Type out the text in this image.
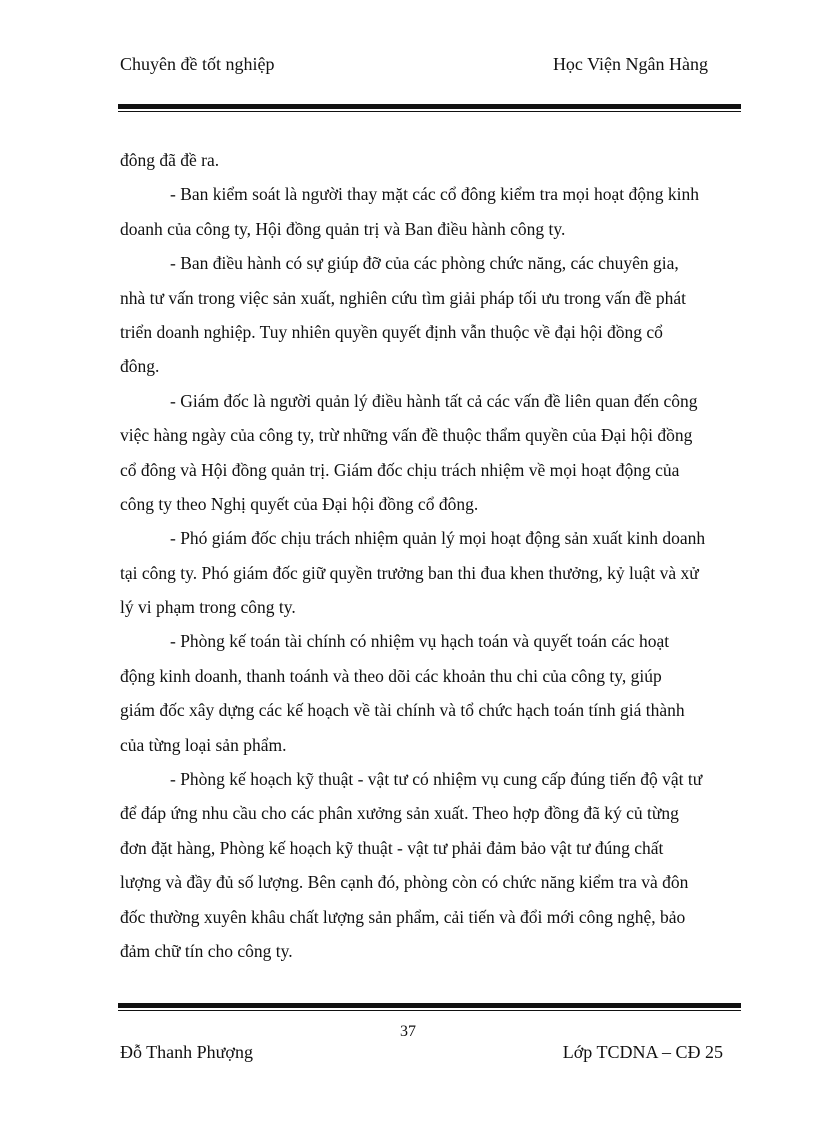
Chuyên đề tốt nghiệp	Học Viện Ngân Hàng
đông đã đề ra.
- Ban kiểm soát là người thay mặt các cổ đông kiểm tra mọi hoạt động kinh
doanh của công ty, Hội đồng quản trị và Ban điều hành công ty.
- Ban điều hành có sự giúp đỡ của các phòng chức năng, các chuyên gia,
nhà tư vấn trong việc sản xuất, nghiên cứu tìm giải pháp tối ưu trong vấn đề phát
triển doanh nghiệp. Tuy nhiên quyền quyết định vẫn thuộc về đại hội đồng cổ
đông.
- Giám đốc là người quản lý điều hành tất cả các vấn đề liên quan đến công
việc hàng ngày của công ty, trừ những vấn đề thuộc thẩm quyền của Đại hội đồng
cổ đông và Hội đồng quản trị. Giám đốc chịu trách nhiệm về mọi hoạt động của
công ty theo Nghị quyết của Đại hội đồng cổ đông.
- Phó giám đốc chịu trách nhiệm quản lý mọi hoạt động sản xuất kinh doanh
tại công ty. Phó giám đốc giữ quyền trưởng ban thi đua khen thưởng, kỷ luật và xử
lý vi phạm trong công ty.
- Phòng kế toán tài chính có nhiệm vụ hạch toán và quyết toán các hoạt
động kinh doanh, thanh toánh và theo dõi các khoản thu chi của công ty, giúp
giám đốc xây dựng các kế hoạch về tài chính và tổ chức hạch toán tính giá thành
của từng loại sản phẩm.
- Phòng kế hoạch kỹ thuật - vật tư có nhiệm vụ cung cấp đúng tiến độ vật tư
để đáp ứng nhu cầu cho các phân xưởng sản xuất. Theo hợp đồng đã ký củ từng
đơn đặt hàng, Phòng kế hoạch kỹ thuật - vật tư phải đảm bảo vật tư đúng chất
lượng và đầy đủ số lượng. Bên cạnh đó, phòng còn có chức năng kiểm tra và đôn
đốc thường xuyên khâu chất lượng sản phẩm, cải tiến và đổi mới công nghệ, bảo
đảm chữ tín cho công ty.
37
Đỗ Thanh Phượng	Lớp TCDNA – CĐ 25
